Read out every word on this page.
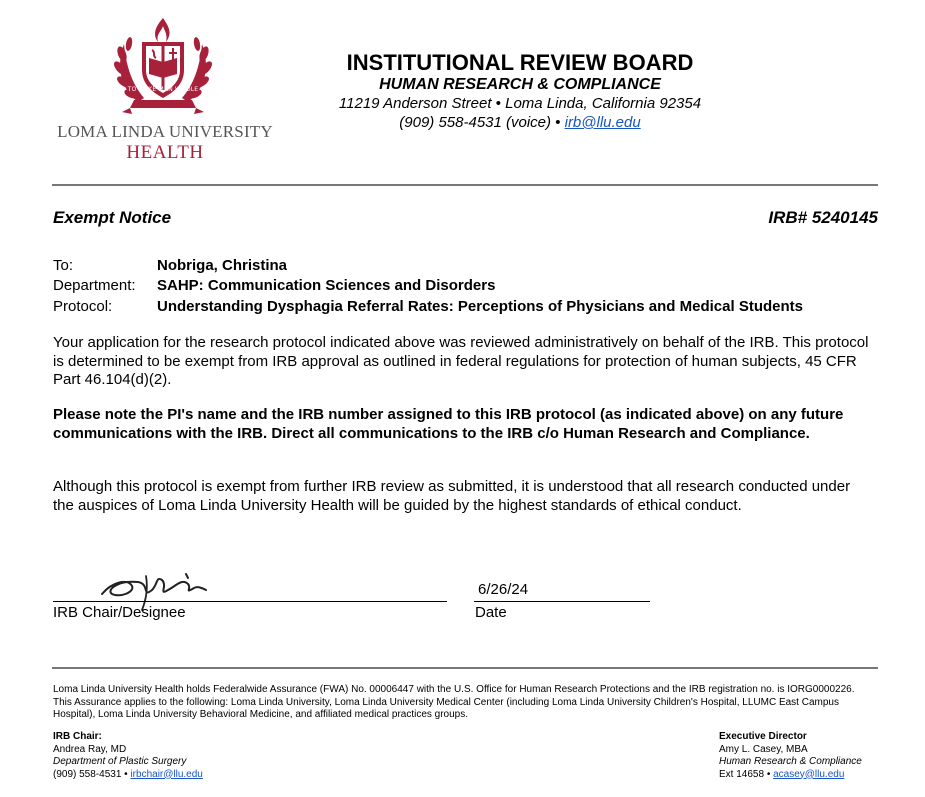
TO MAKE MAN WHOLE
LOMA LINDA UNIVERSITY
HEALTH
INSTITUTIONAL REVIEW BOARD
HUMAN RESEARCH & COMPLIANCE
11219 Anderson Street • Loma Linda, California 92354
(909) 558-4531 (voice) • irb@llu.edu
Exempt Notice	IRB# 5240145
To:	Nobriga, Christina
Department: SAHP: Communication Sciences and Disorders
Protocol:	Understanding Dysphagia Referral Rates: Perceptions of Physicians and Medical Students
Your application for the research protocol indicated above was reviewed administratively on behalf of the IRB. This protocol is determined to be exempt from IRB approval as outlined in federal regulations for protection of human subjects, 45 CFR Part 46.104(d)(2).
Please note the PI's name and the IRB number assigned to this IRB protocol (as indicated above) on any future communications with the IRB. Direct all communications to the IRB c/o Human Research and Compliance.
Although this protocol is exempt from further IRB review as submitted, it is understood that all research conducted under the auspices of Loma Linda University Health will be guided by the highest standards of ethical conduct.
IRB Chair/Designee
6/26/24
Date
Loma Linda University Health holds Federalwide Assurance (FWA) No. 00006447 with the U.S. Office for Human Research Protections and the IRB registration no. is IORG0000226. This Assurance applies to the following: Loma Linda University, Loma Linda University Medical Center (including Loma Linda University Children's Hospital, LLUMC East Campus Hospital), Loma Linda University Behavioral Medicine, and affiliated medical practices groups.
IRB Chair:
Andrea Ray, MD
Department of Plastic Surgery
(909) 558-4531 • irbchair@llu.edu
Executive Director
Amy L. Casey, MBA
Human Research & Compliance
Ext 14658 • acasey@llu.edu
